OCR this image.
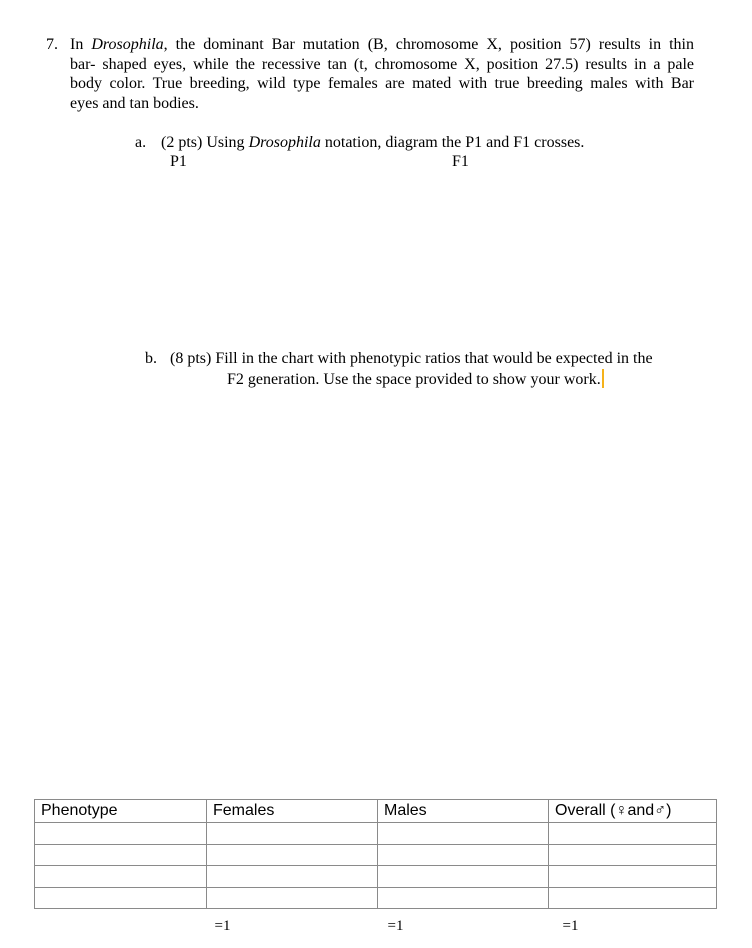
7. In Drosophila, the dominant Bar mutation (B, chromosome X, position 57) results in thin
bar- shaped eyes, while the recessive tan (t, chromosome X, position 27.5) results in a pale
body color. True breeding, wild type females are mated with true breeding males with Bar
eyes and tan bodies.
a. (2 pts) Using Drosophila notation, diagram the P1 and F1 crosses.
P1	F1
b. (8 pts) Fill in the chart with phenotypic ratios that would be expected in the
F2 generation. Use the space provided to show your work.
Phenotype	Females	Males	Overall (♀and♂)

	=1	=1	=1
